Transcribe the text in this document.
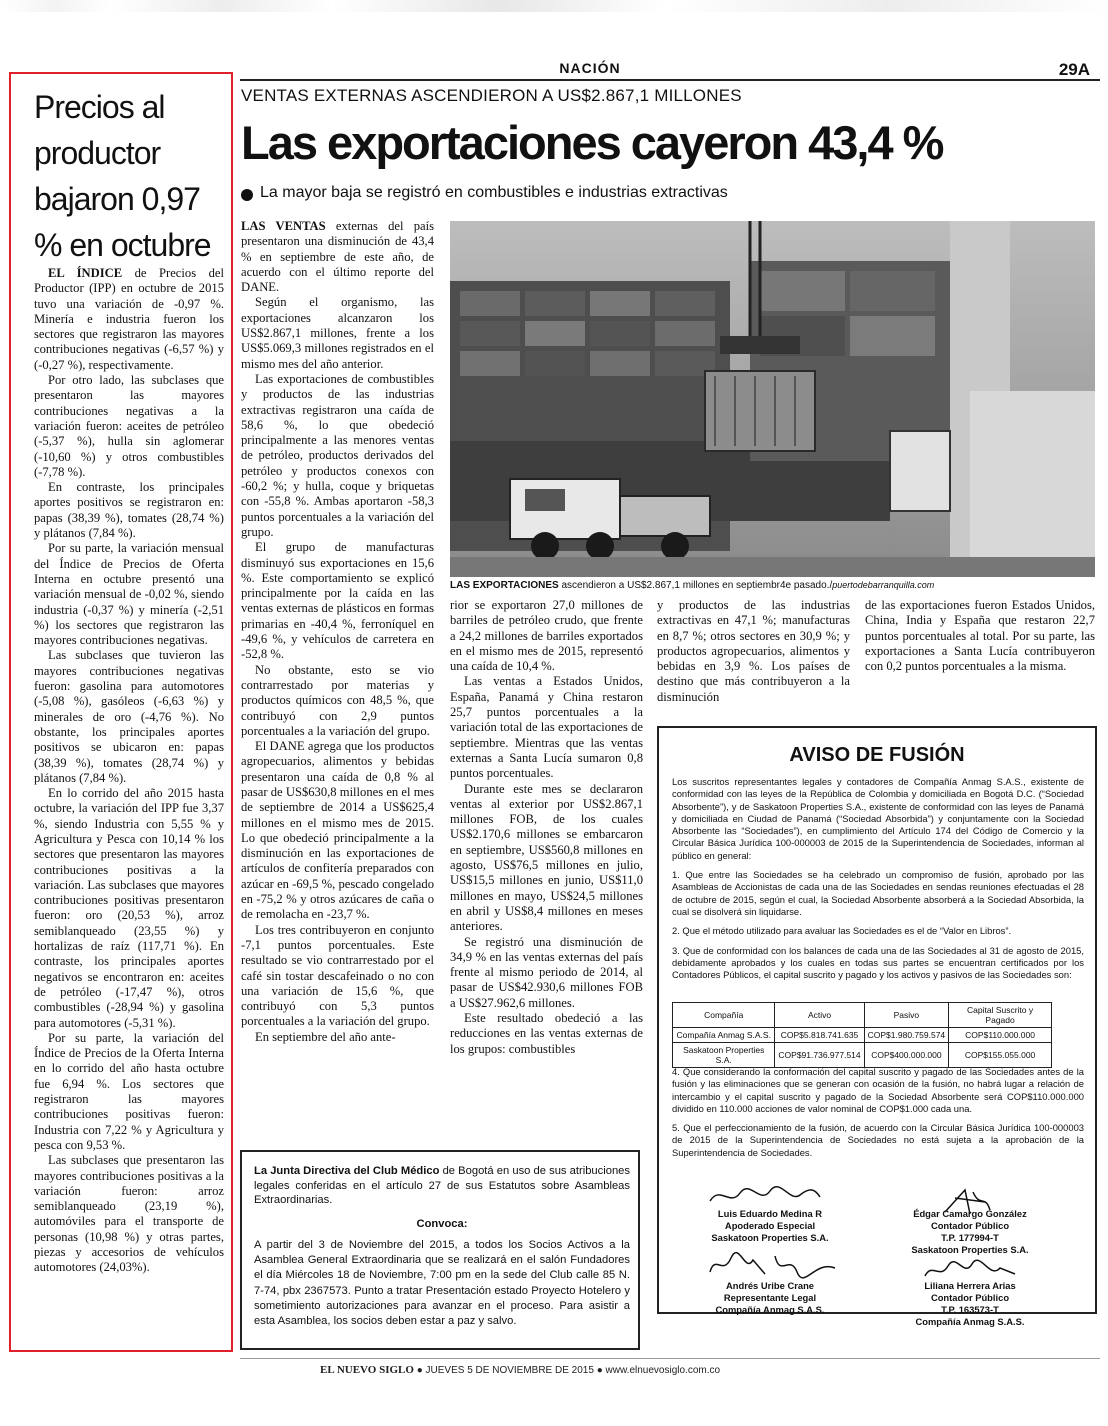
NACIÓN	29A
Precios al
productor
bajaron 0,97
% en octubre

EL ÍNDICE de Precios del Productor (IPP) en octubre de 2015 tuvo una variación de -0,97 %. Minería e industria fueron los sectores que registraron las mayores contribuciones negativas (-6,57 %) y (-0,27 %), respectivamente.

Por otro lado, las subclases que presentaron las mayores contribuciones negativas a la variación fueron: aceites de petróleo (-5,37 %), hulla sin aglomerar (-10,60 %) y otros combustibles (-7,78 %).

En contraste, los principales aportes positivos se registraron en: papas (38,39 %), tomates (28,74 %) y plátanos (7,84 %).

Por su parte, la variación mensual del Índice de Precios de Oferta Interna en octubre presentó una variación mensual de -0,02 %, siendo industria (-0,37 %) y minería (-2,51 %) los sectores que registraron las mayores contribuciones negativas.

Las subclases que tuvieron las mayores contribuciones negativas fueron: gasolina para automotores (-5,08 %), gasóleos (-6,63 %) y minerales de oro (-4,76 %). No obstante, los principales aportes positivos se ubicaron en: papas (38,39 %), tomates (28,74 %) y plátanos (7,84 %).

En lo corrido del año 2015 hasta octubre, la variación del IPP fue 3,37 %, siendo Industria con 5,55 % y Agricultura y Pesca con 10,14 % los sectores que presentaron las mayores contribuciones positivas a la variación. Las subclases que mayores contribuciones positivas presentaron fueron: oro (20,53 %), arroz semiblanqueado (23,55 %) y hortalizas de raíz (117,71 %). En contraste, los principales aportes negativos se encontraron en: aceites de petróleo (-17,47 %), otros combustibles (-28,94 %) y gasolina para automotores (-5,31 %).

Por su parte, la variación del Índice de Precios de la Oferta Interna en lo corrido del año hasta octubre fue 6,94 %. Los sectores que registraron las mayores contribuciones positivas fueron: Industria con 7,22 % y Agricultura y pesca con 9,53 %.

Las subclases que presentaron las mayores contribuciones positivas a la variación fueron: arroz semiblanqueado (23,19 %), automóviles para el transporte de personas (10,98 %) y otras partes, piezas y accesorios de vehículos automotores (24,03%).

VENTAS EXTERNAS ASCENDIERON A US$2.867,1 MILLONES
Las exportaciones cayeron 43,4 %
La mayor baja se registró en combustibles e industrias extractivas

LAS VENTAS externas del país presentaron una disminución de 43,4 % en septiembre de este año, de acuerdo con el último reporte del DANE.

Según el organismo, las exportaciones alcanzaron los US$2.867,1 millones, frente a los US$5.069,3 millones registrados en el mismo mes del año anterior.

Las exportaciones de combustibles y productos de las industrias extractivas registraron una caída de 58,6 %, lo que obedeció principalmente a las menores ventas de petróleo, productos derivados del petróleo y productos conexos con -60,2 %; y hulla, coque y briquetas con -55,8 %. Ambas aportaron -58,3 puntos porcentuales a la variación del grupo.

El grupo de manufacturas disminuyó sus exportaciones en 15,6 %. Este comportamiento se explicó principalmente por la caída en las ventas externas de plásticos en formas primarias en -40,4 %, ferroníquel en -49,6 %, y vehículos de carretera en -52,8 %.

No obstante, esto se vio contrarrestado por materias y productos químicos con 48,5 %, que contribuyó con 2,9 puntos porcentuales a la variación del grupo.

El DANE agrega que los productos agropecuarios, alimentos y bebidas presentaron una caída de 0,8 % al pasar de US$630,8 millones en el mes de septiembre de 2014 a US$625,4 millones en el mismo mes de 2015. Lo que obedeció principalmente a la disminución en las exportaciones de artículos de confitería preparados con azúcar en -69,5 %, pescado congelado en -75,2 % y otros azúcares de caña o de remolacha en -23,7 %.

Los tres contribuyeron en conjunto -7,1 puntos porcentuales. Este resultado se vio contrarrestado por el café sin tostar descafeinado o no con una variación de 15,6 %, que contribuyó con 5,3 puntos porcentuales a la variación del grupo.

En septiembre del año ante-

LAS EXPORTACIONES ascendieron a US$2.867,1 millones en septiembr4e pasado./puertodebarranquilla.com

rior se exportaron 27,0 millones de barriles de petróleo crudo, que frente a 24,2 millones de barriles exportados en el mismo mes de 2015, representó una caída de 10,4 %.

Las ventas a Estados Unidos, España, Panamá y China restaron 25,7 puntos porcentuales a la variación total de las exportaciones de septiembre. Mientras que las ventas externas a Santa Lucía sumaron 0,8 puntos porcentuales.

Durante este mes se declararon ventas al exterior por US$2.867,1 millones FOB, de los cuales US$2.170,6 millones se embarcaron en septiembre, US$560,8 millones en agosto, US$76,5 millones en julio, US$15,5 millones en junio, US$11,0 millones en mayo, US$24,5 millones en abril y US$8,4 millones en meses anteriores.

Se registró una disminución de 34,9 % en las ventas externas del país frente al mismo periodo de 2014, al pasar de US$42.930,6 millones FOB a US$27.962,6 millones.

Este resultado obedeció a las reducciones en las ventas externas de los grupos: combustibles

y productos de las industrias extractivas en 47,1 %; manufacturas en 8,7 %; otros sectores en 30,9 %; y productos agropecuarios, alimentos y bebidas en 3,9 %. Los países de destino que más contribuyeron a la disminución

de las exportaciones fueron Estados Unidos, China, India y España que restaron 22,7 puntos porcentuales al total. Por su parte, las exportaciones a Santa Lucía contribuyeron con 0,2 puntos porcentuales a la misma.

AVISO DE FUSIÓN

Los suscritos representantes legales y contadores de Compañía Anmag S.A.S., existente de conformidad con las leyes de la República de Colombia y domiciliada en Bogotá D.C. (“Sociedad Absorbente”), y de Saskatoon Properties S.A., existente de conformidad con las leyes de Panamá y domiciliada en Ciudad de Panamá (“Sociedad Absorbida”) y conjuntamente con la Sociedad Absorbente las “Sociedades”), en cumplimiento del Artículo 174 del Código de Comercio y la Circular Básica Jurídica 100-000003 de 2015 de la Superintendencia de Sociedades, informan al público en general:

1. Que entre las Sociedades se ha celebrado un compromiso de fusión, aprobado por las Asambleas de Accionistas de cada una de las Sociedades en sendas reuniones efectuadas el 28 de octubre de 2015, según el cual, la Sociedad Absorbente absorberá a la Sociedad Absorbida, la cual se disolverá sin liquidarse.

2. Que el método utilizado para avaluar las Sociedades es el de “Valor en Libros”.

3. Que de conformidad con los balances de cada una de las Sociedades al 31 de agosto de 2015, debidamente aprobados y los cuales en todas sus partes se encuentran certificados por los Contadores Públicos, el capital suscrito y pagado y los activos y pasivos de las Sociedades son:

Compañía	Activo	Pasivo	Capital Suscrito y Pagado
Compañía Anmag S.A.S.	COP$5.818.741.635	COP$1.980.759.574	COP$110.000.000
Saskatoon Properties S.A.	COP$91.736.977.514	COP$400.000.000	COP$155.055.000

4. Que considerando la conformación del capital suscrito y pagado de las Sociedades antes de la fusión y las eliminaciones que se generan con ocasión de la fusión, no habrá lugar a relación de intercambio y el capital suscrito y pagado de la Sociedad Absorbente será COP$110.000.000 dividido en 110.000 acciones de valor nominal de COP$1.000 cada una.

5. Que el perfeccionamiento de la fusión, de acuerdo con la Circular Básica Jurídica 100-000003 de 2015 de la Superintendencia de Sociedades no está sujeta a la aprobación de la Superintendencia de Sociedades.

Luis Eduardo Medina R
Apoderado Especial
Saskatoon Properties S.A.
Édgar Camargo González
Contador Público
T.P. 177994-T
Saskatoon Properties S.A.
Andrés Uribe Crane
Representante Legal
Compañía Anmag S.A.S.
Liliana Herrera Arias
Contador Público
T.P. 163573-T
Compañía Anmag S.A.S.
La Junta Directiva del Club Médico de Bogotá en uso de sus atribuciones legales conferidas en el artículo 27 de sus Estatutos sobre Asambleas Extraordinarias.
Convoca:
A partir del 3 de Noviembre del 2015, a todos los Socios Activos a la Asamblea General Extraordinaria que se realizará en el salón Fundadores el día Miércoles 18 de Noviembre, 7:00 pm en la sede del Club calle 85 N. 7-74, pbx 2367573. Punto a tratar Presentación estado Proyecto Hotelero y sometimiento autorizaciones para avanzar en el proceso. Para asistir a esta Asamblea, los socios deben estar a paz y salvo.
EL NUEVO SIGLO ● JUEVES 5 DE NOVIEMBRE DE 2015 ● www.elnuevosiglo.com.co
